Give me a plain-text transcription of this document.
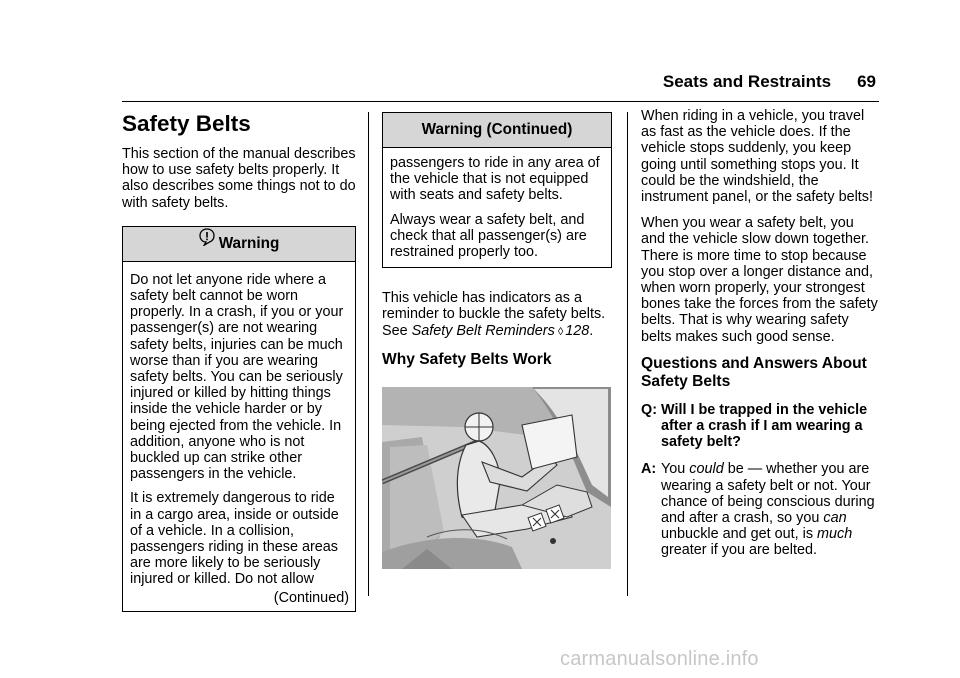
Seats and Restraints 69
Safety Belts

This section of the manual describes how to use safety belts properly. It also describes some things not to do with safety belts.

Warning

Do not let anyone ride where a safety belt cannot be worn properly. In a crash, if you or your passenger(s) are not wearing safety belts, injuries can be much worse than if you are wearing safety belts. You can be seriously injured or killed by hitting things inside the vehicle harder or by being ejected from the vehicle. In addition, anyone who is not buckled up can strike other passengers in the vehicle.

It is extremely dangerous to ride in a cargo area, inside or outside of a vehicle. In a collision, passengers riding in these areas are more likely to be seriously injured or killed. Do not allow

(Continued)

Warning (Continued)

passengers to ride in any area of the vehicle that is not equipped with seats and safety belts.

Always wear a safety belt, and check that all passenger(s) are restrained properly too.

This vehicle has indicators as a reminder to buckle the safety belts. See Safety Belt Reminders ◊ 128.

Why Safety Belts Work

When riding in a vehicle, you travel as fast as the vehicle does. If the vehicle stops suddenly, you keep going until something stops you. It could be the windshield, the instrument panel, or the safety belts!

When you wear a safety belt, you and the vehicle slow down together. There is more time to stop because you stop over a longer distance and, when worn properly, your strongest bones take the forces from the safety belts. That is why wearing safety belts makes such good sense.

Questions and Answers About Safety Belts
Q: Will I be trapped in the vehicle after a crash if I am wearing a safety belt?
A: You could be — whether you are wearing a safety belt or not. Your chance of being conscious during and after a crash, so you can unbuckle and get out, is much greater if you are belted.
carmanualsonline.info
